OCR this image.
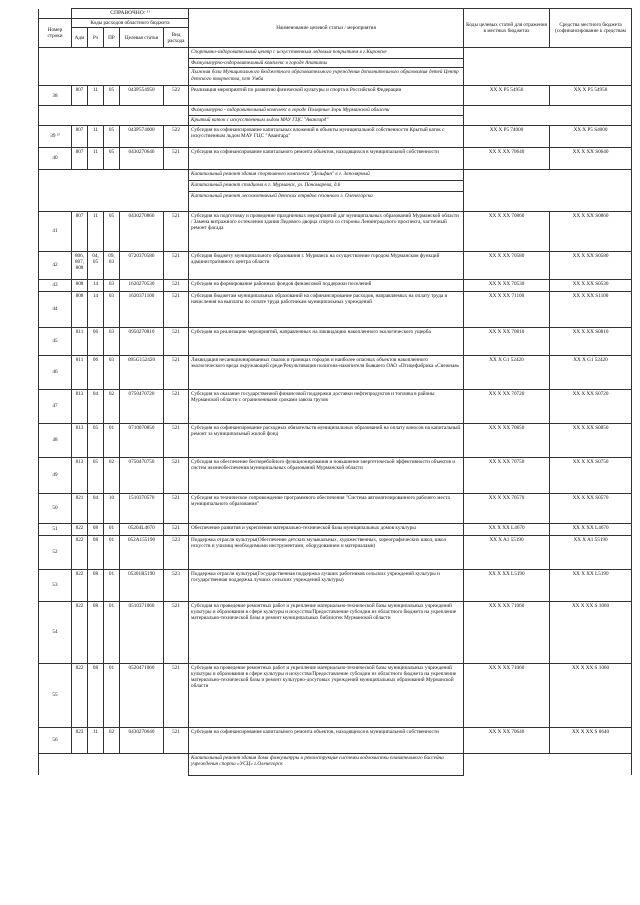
	СПРАВОЧНО: ¹⁾					Наименование целевой статьи / мероприятия	Коды целевых статей для отражения в местных бюджетах	Средства местного бюджета (софинансирование к средствам
Номер строки	Коды расходов областного бюджета							
	Адм	Рз	ПР	Целевая статья	Вид расхода			
						Спортивно-оздоровительный центр с искусственным ледовым покрытием в г.Кировске		
						Физкультурно-оздоровительный комплекс в городе Апатиты		
						Лыжная база Муниципального бюджетного образовательного учреждения дополнительного образования детей Центр детского творчества, пгт Умба		
38	807	11	05	043P554950	522	Реализация мероприятий по развитию физической культуры и спорта в Российской Федерации	XX X P5 54950	XX X P5 54950
						Физкультурно - оздоровительный комплекс в городе Полярные Зори Мурманской области		
						Крытый каток с искусственным льдом МАУ ГЦС "Авангард"		
39 ²⁾	807	11	05	043P574000	522	Субсидия на софинансирование капитальных вложений в объекты муниципальной собственности Крытый каток с искусственным льдом МАУ ГЦС "Авангард"	XX X P5 74000	XX X P5 S4000
40	807	11	05	0430270640	521	Субсидия на софинансирование капитального ремонта объектов, находящихся в муниципальной собственности	XX X XX 70640	XX X XX S0640
						Капитальный ремонт здания спортивного комплекса "Дельфин" в г. Заполярный		
						Капитальный ремонт стадиона в г. Мурманск, ул. Пономарева, д.6		
						Капитальный ремонт лесоохотничьей детских отрядов сезонного г. Оленегорска		
41	807	11	05	0430270860	521	Субсидия на подготовку и проведение праздничных мероприятий дат муниципальных образований Мурманской области / Замена витражного остекления здания Ледового дворца спорта со стороны Ленинградского проспекта, частичный ремонт фасада	XX X XX 70860	XX X XX S0860
42	806, 807, 808	04, 05	09, 03	0720370580	521	Субсидия бюджету муниципального образования г. Мурманск на осуществление городом Мурманском функций административного центра области	XX X XX 70580	XX X XX S0580
43	808	14	03	1620270530	521	Субсидия на формирование районных фондов финансовой поддержки поселений	XX X XX 70530	XX X XX S0530
44	808	14	03	1620371100	521	Субсидия бюджетам муниципальных образований на софинансирование расходов, направляемых на оплату труда и начисления на выплаты по оплате труда работникам муниципальных учреждений	XX X XX 71100	XX X XX S1100
45	811	06	03	0950270810	521	Субсидия на реализацию мероприятий, направленных на ликвидацию накопленного экологического ущерба	XX X XX 70810	XX X XX S0810
46	811	06	03	095G152420	521	Ликвидация несанкционированных свалок в границах городов и наиболее опасных объектов накопленного экологического вреда окружающей среде/Рекультивация полигона-накопителя бывшего ОАО «Птицефабрика «Снежная»	XX X G1 52420	XX X G1 52420
47	813	04	02	0750470720	521	Субсидия на оказание государственной финансовой поддержки доставки нефтепродуктов и топлива в районы Мурманской области с ограниченными сроками завоза грузов	XX X XX 70720	XX X XX S0720
48	813	05	01	0710070850	521	Субсидия на софинансирование расходных обязательств муниципальных образований на оплату взносов на капитальный ремонт за муниципальный жилой фонд	XX X XX 70850	XX X XX S0850
49	813	05	02	0750470750	521	Субсидия на обеспечение бесперебойного функционирования и повышение энергетической эффективности объектов и систем жизнеобеспечения муниципальных образований Мурманской области	XX X XX 70750	XX X XX S0750
50	821	04	10	1510370570	521	Субсидия на техническое сопровождение программного обеспечения "Система автоматизированного рабочего места муниципального образования"	XX X XX 70570	XX X XX S0570
51	822	08	01	05204L4670	521	Обеспечение развития и укрепления материально-технической базы муниципальных домов культуры	XX X XX L4670	XX X XX L4670
52	822	08	01	052A155190	523	Поддержка отрасли культуры(Обеспечение детских музыкальных, художественных, хореографических школ, школ искусств и училищ необходимыми инструментами, оборудованием и материалами)	XX X A1 55190	XX X A1 55190
53	822	08	01	05301R5190	523	Поддержка отрасли культуры(Государственная поддержка лучших работников сельских учреждений культуры и государственная поддержка лучших сельских учреждений культуры)	XX X XX L5190	XX X XX L5190
54	822	08	01	0510371060	521	Субсидия на проведение ремонтных работ и укрепление материально-технической базы муниципальных учреждений культуры и образования в сфере культуры и искусства/Предоставление субсидии из областного бюджета на укрепление материально-технической базы и ремонт муниципальных библиотек Мурманской области	XX X XX 71060	XX X XX S 1060
55	822	08	01	0520471060	521	Субсидия на проведение ремонтных работ и укрепление материально-технической базы муниципальных учреждений культуры и образования в сфере культуры и искусства/Предоставление субсидии из областного бюджета на укрепление материально-технической базы и ремонт культурно-досуговых учреждений муниципальных образований Мурманской области	XX X XX 71060	XX X XX S 1060
56	823	11	02	0430270640	521	Субсидия на софинансирование капитального ремонта объектов, находящихся в муниципальной собственности	XX X XX 70640	XX X XX S 0640
						Капитальный ремонт здания дома физкультуры и реконструкция системы водоочистки плавательного бассейна учреждения спорта «УСЦ» г.Оленегорск		
